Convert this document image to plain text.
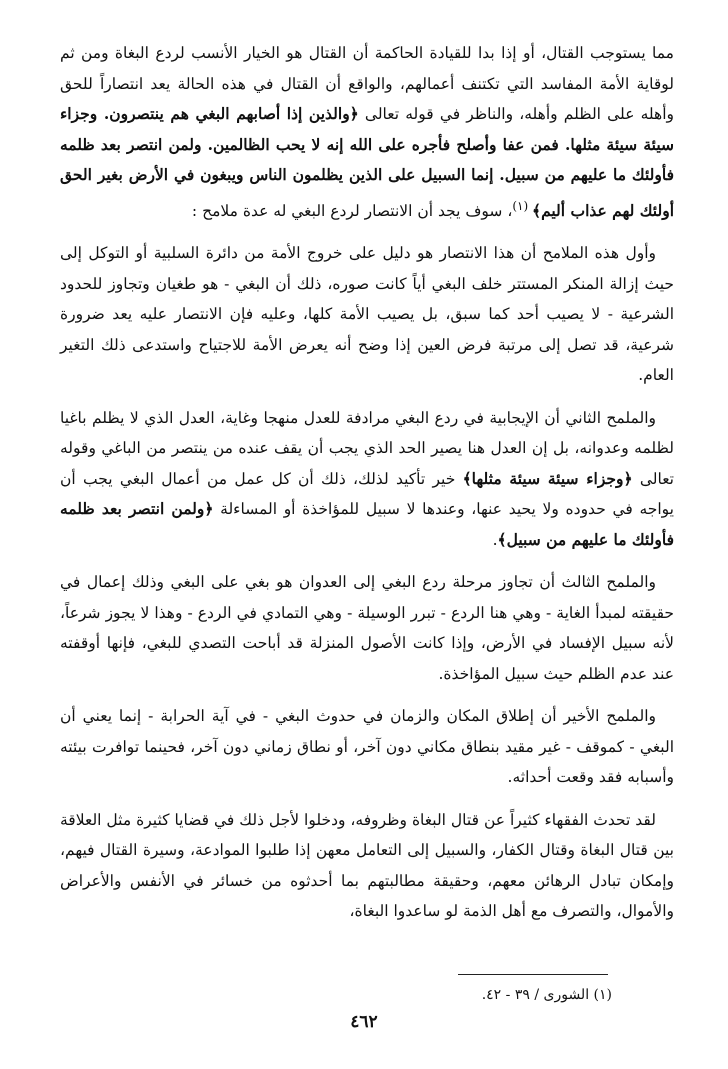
مما يستوجب القتال، أو إذا بدا للقيادة الحاكمة أن القتال هو الخيار الأنسب لردع البغاة ومن ثم لوقاية الأمة المفاسد التي تكتنف أعمالهم، والواقع أن القتال في هذه الحالة يعد انتصاراً للحق وأهله على الظلم وأهله، والناظر في قوله تعالى ﴿والذين إذا أصابهم البغي هم ينتصرون. وجزاء سيئة سيئة مثلها. فمن عفا وأصلح فأجره على الله إنه لا يحب الظالمين. ولمن انتصر بعد ظلمه فأولئك ما عليهم من سبيل. إنما السبيل على الذين يظلمون الناس ويبغون في الأرض بغير الحق أولئك لهم عذاب أليم﴾ $^{(١)}$، سوف يجد أن الانتصار لردع البغي له عدة ملامح :

وأول هذه الملامح أن هذا الانتصار هو دليل على خروج الأمة من دائرة السلبية أو التوكل إلى حيث إزالة المنكر المستتر خلف البغي أياً كانت صوره، ذلك أن البغي - هو طغيان وتجاوز للحدود الشرعية - لا يصيب أحد كما سبق، بل يصيب الأمة كلها، وعليه فإن الانتصار عليه يعد ضرورة شرعية، قد تصل إلى مرتبة فرض العين إذا وضح أنه يعرض الأمة للاجتياح واستدعى ذلك التغير العام.

والملمح الثاني أن الإيجابية في ردع البغي مرادفة للعدل منهجا وغاية، العدل الذي لا يظلم باغيا لظلمه وعدوانه، بل إن العدل هنا يصير الحد الذي يجب أن يقف عنده من ينتصر من الباغي وقوله تعالى ﴿وجزاء سيئة سيئة مثلها﴾ خير تأكيد لذلك، ذلك أن كل عمل من أعمال البغي يجب أن يواجه في حدوده ولا يحيد عنها، وعندها لا سبيل للمؤاخذة أو المساءلة ﴿ولمن انتصر بعد ظلمه فأولئك ما عليهم من سبيل﴾.

والملمح الثالث أن تجاوز مرحلة ردع البغي إلى العدوان هو بغي على البغي وذلك إعمال في حقيقته لمبدأ الغاية - وهي هنا الردع - تبرر الوسيلة - وهي التمادي في الردع - وهذا لا يجوز شرعاً، لأنه سبيل الإفساد في الأرض، وإذا كانت الأصول المنزلة قد أباحت التصدي للبغي، فإنها أوقفته عند عدم الظلم حيث سبيل المؤاخذة.

والملمح الأخير أن إطلاق المكان والزمان في حدوث البغي - في آية الحرابة - إنما يعني أن البغي - كموقف - غير مقيد بنطاق مكاني دون آخر، أو نطاق زماني دون آخر، فحينما توافرت بيئته وأسبابه فقد وقعت أحداثه.

لقد تحدث الفقهاء كثيراً عن قتال البغاة وظروفه، ودخلوا لأجل ذلك في قضايا كثيرة مثل العلاقة بين قتال البغاة وقتال الكفار، والسبيل إلى التعامل معهن إذا طلبوا الموادعة، وسيرة القتال فيهم، وإمكان تبادل الرهائن معهم، وحقيقة مطالبتهم بما أحدثوه من خسائر في الأنفس والأعراض والأموال، والتصرف مع أهل الذمة لو ساعدوا البغاة،

(١) الشورى / ٣٩ - ٤٢.
٤٦٢
